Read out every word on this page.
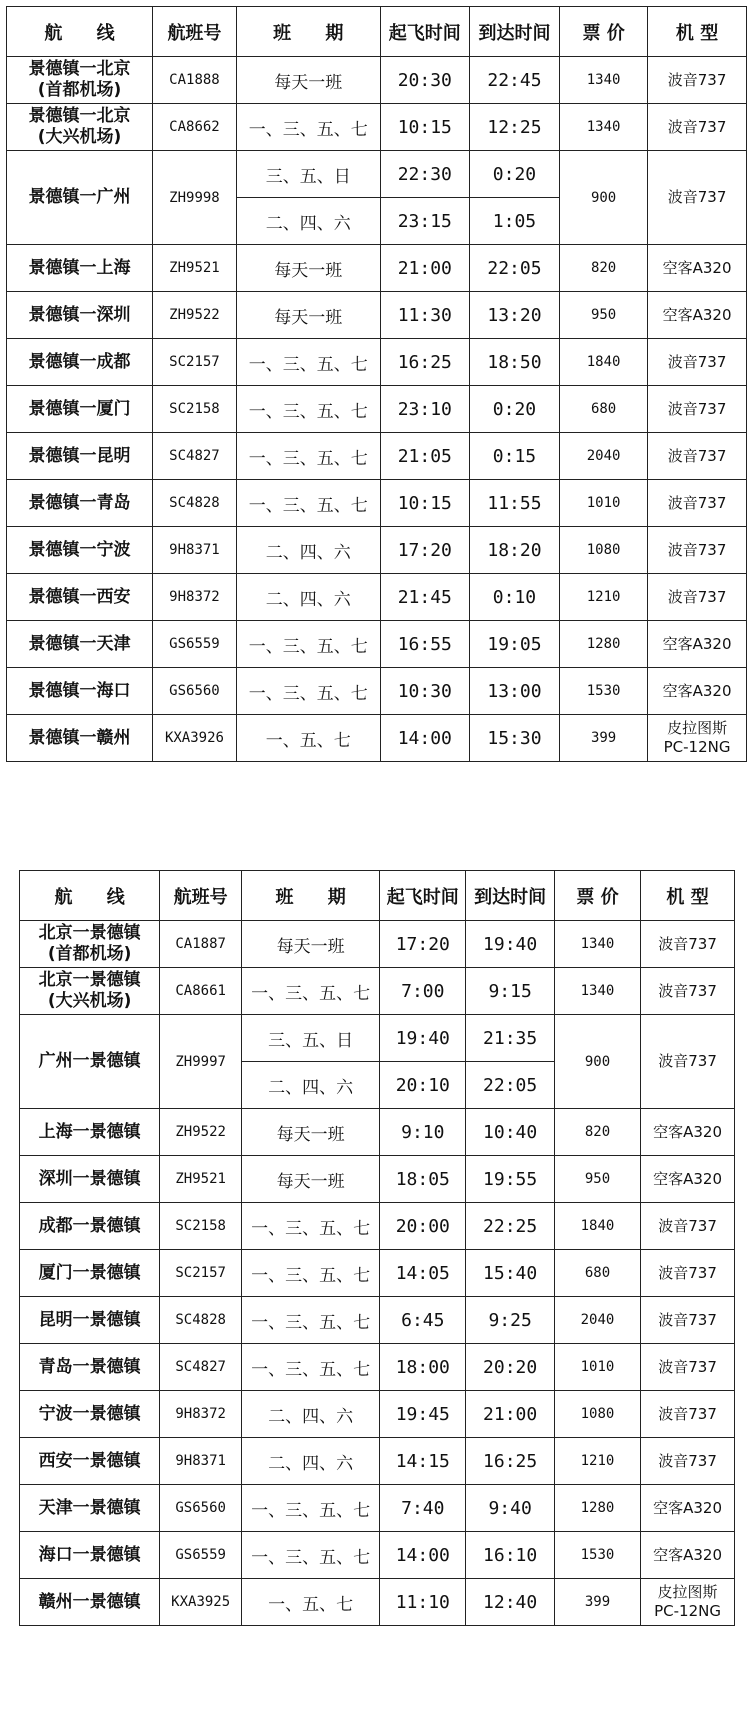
航 线	航班号	班 期	起飞时间	到达时间	票 价	机 型

景德镇一北京
(首都机场)	CA1888	每天一班	20:30	22:45	1340	波音737

景德镇一北京
(大兴机场)	CA8662	一、三、五、七	10:15	12:25	1340	波音737

景德镇一广州	ZH9998	三、五、日	22:30	0:20	900	波音737

		二、四、六	23:15	1:05		

景德镇一上海	ZH9521	每天一班	21:00	22:05	820	空客A320

景德镇一深圳	ZH9522	每天一班	11:30	13:20	950	空客A320

景德镇一成都	SC2157	一、三、五、七	16:25	18:50	1840	波音737

景德镇一厦门	SC2158	一、三、五、七	23:10	0:20	680	波音737

景德镇一昆明	SC4827	一、三、五、七	21:05	0:15	2040	波音737

景德镇一青岛	SC4828	一、三、五、七	10:15	11:55	1010	波音737

景德镇一宁波	9H8371	二、四、六	17:20	18:20	1080	波音737

景德镇一西安	9H8372	二、四、六	21:45	0:10	1210	波音737

景德镇一天津	GS6559	一、三、五、七	16:55	19:05	1280	空客A320

景德镇一海口	GS6560	一、三、五、七	10:30	13:00	1530	空客A320

景德镇一赣州	KXA3926	一、五、七	14:00	15:30	399	皮拉图斯
PC-12NG
航 线	航班号	班 期	起飞时间	到达时间	票 价	机 型

北京一景德镇
(首都机场)	CA1887	每天一班	17:20	19:40	1340	波音737

北京一景德镇
(大兴机场)	CA8661	一、三、五、七	7:00	9:15	1340	波音737

广州一景德镇	ZH9997	三、五、日	19:40	21:35	900	波音737

		二、四、六	20:10	22:05		

上海一景德镇	ZH9522	每天一班	9:10	10:40	820	空客A320

深圳一景德镇	ZH9521	每天一班	18:05	19:55	950	空客A320

成都一景德镇	SC2158	一、三、五、七	20:00	22:25	1840	波音737

厦门一景德镇	SC2157	一、三、五、七	14:05	15:40	680	波音737

昆明一景德镇	SC4828	一、三、五、七	6:45	9:25	2040	波音737

青岛一景德镇	SC4827	一、三、五、七	18:00	20:20	1010	波音737

宁波一景德镇	9H8372	二、四、六	19:45	21:00	1080	波音737

西安一景德镇	9H8371	二、四、六	14:15	16:25	1210	波音737

天津一景德镇	GS6560	一、三、五、七	7:40	9:40	1280	空客A320

海口一景德镇	GS6559	一、三、五、七	14:00	16:10	1530	空客A320

赣州一景德镇	KXA3925	一、五、七	11:10	12:40	399	皮拉图斯
PC-12NG
